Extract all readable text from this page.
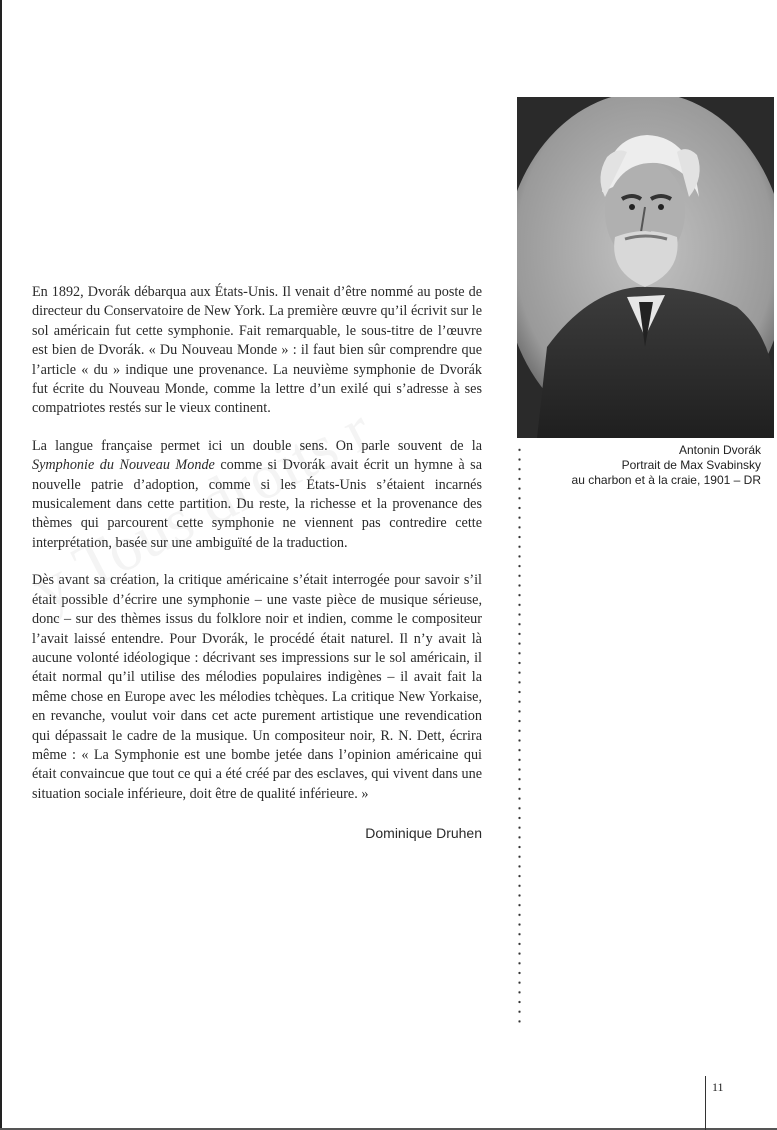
En 1892, Dvorák débarqua aux États-Unis. Il venait d’être nommé au poste de directeur du Conservatoire de New York. La première œuvre qu’il écrivit sur le sol américain fut cette symphonie. Fait remarquable, le sous-titre de l’œuvre est bien de Dvorák. « Du Nouveau Monde » : il faut bien sûr comprendre que l’article « du » indique une provenance. La neuvième symphonie de Dvorák fut écrite du Nouveau Monde, comme la lettre d’un exilé qui s’adresse à ses compatriotes restés sur le vieux continent.

La langue française permet ici un double sens. On parle souvent de la Symphonie du Nouveau Monde comme si Dvorák avait écrit un hymne à sa nouvelle patrie d’adoption, comme si les États-Unis s’étaient incarnés musicalement dans cette partition. Du reste, la richesse et la provenance des thèmes qui parcourent cette symphonie ne viennent pas contredire cette interprétation, basée sur une ambiguïté de la traduction.

Dès avant sa création, la critique américaine s’était interrogée pour savoir s’il était possible d’écrire une symphonie – une vaste pièce de musique sérieuse, donc – sur des thèmes issus du folklore noir et indien, comme le compositeur l’avait laissé entendre. Pour Dvorák, le procédé était naturel. Il n’y avait là aucune volonté idéologique : décrivant ses impressions sur le sol américain, il était normal qu’il utilise des mélodies populaires indigènes – il avait fait la même chose en Europe avec les mélodies tchèques. La critique New Yorkaise, en revanche, voulut voir dans cet acte purement artistique une revendication qui dépassait le cadre de la musique. Un compositeur noir, R. N. Dett, écrira même : « La Symphonie est une bombe jetée dans l’opinion américaine qui était convaincue que tout ce qui a été créé par des esclaves, qui vivent dans une situation sociale inférieure, doit être de qualité inférieure. »

Dominique Druhen
Antonin Dvorák
Portrait de Max Svabinsky
au charbon et à la craie, 1901 – DR
11
